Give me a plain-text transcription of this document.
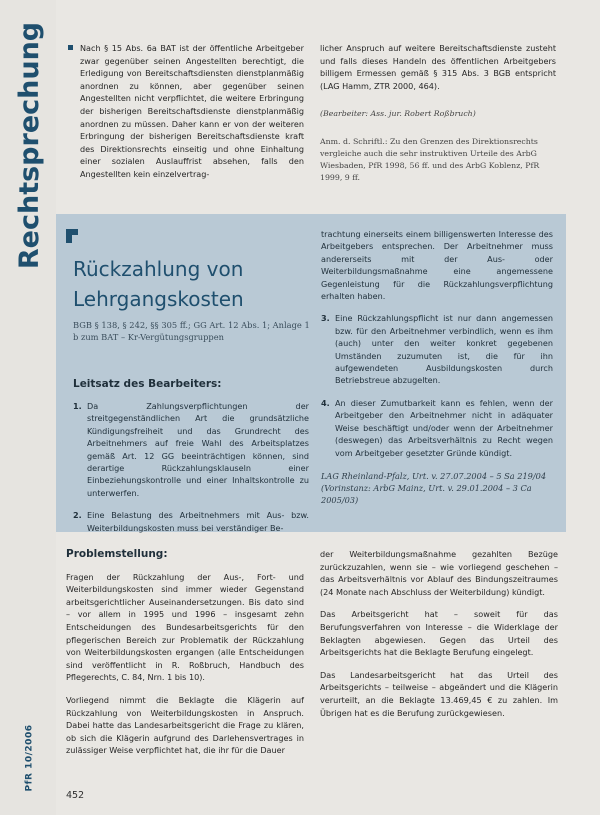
Rechtsprechung
PfR 10/2006
452
Nach § 15 Abs. 6a BAT ist der öffentliche Arbeitgeber zwar gegenüber seinen Angestellten berechtigt, die Erledigung von Bereitschaftsdiensten dienstplanmäßig anordnen zu können, aber gegenüber seinen Angestellten nicht verpflichtet, die weitere Erbringung der bisherigen Bereitschaftsdienste dienstplanmäßig anordnen zu müssen. Daher kann er von der weiteren Erbringung der bisherigen Bereitschaftsdienste kraft des Direktionsrechts einseitig und ohne Einhaltung einer sozialen Auslauffrist absehen, falls den Angestellten kein einzelvertrag-
licher Anspruch auf weitere Bereitschaftsdienste zusteht und falls dieses Handeln des öffentlichen Arbeitgebers billigem Ermessen gemäß § 315 Abs. 3 BGB entspricht (LAG Hamm, ZTR 2000, 464).
(Bearbeiter: Ass. jur. Robert Roßbruch)
Anm. d. Schriftl.: Zu den Grenzen des Direktionsrechts vergleiche auch die sehr instruktiven Urteile des ArbG Wiesbaden, PfR 1998, 56 ff. und des ArbG Koblenz, PfR 1999, 9 ff.
Rückzahlung von Lehrgangskosten
BGB § 138, § 242, §§ 305 ff.; GG Art. 12 Abs. 1; Anlage 1 b zum BAT – Kr-Vergütungsgruppen
Leitsatz des Bearbeiters:
1. Da Zahlungsverpflichtungen der streitgegenständlichen Art die grundsätzliche Kündigungsfreiheit und das Grundrecht des Arbeitnehmers auf freie Wahl des Arbeitsplatzes gemäß Art. 12 GG beeinträchtigen können, sind derartige Rückzahlungsklauseln einer Einbeziehungskontrolle und einer Inhaltskontrolle zu unterwerfen.
2. Eine Belastung des Arbeitnehmers mit Aus- bzw. Weiterbildungskosten muss bei verständiger Be-
trachtung einerseits einem billigenswerten Interesse des Arbeitgebers entsprechen. Der Arbeitnehmer muss andererseits mit der Aus- oder Weiterbildungsmaßnahme eine angemessene Gegenleistung für die Rückzahlungsverpflichtung erhalten haben.
3. Eine Rückzahlungspflicht ist nur dann angemessen bzw. für den Arbeitnehmer verbindlich, wenn es ihm (auch) unter den weiter konkret gegebenen Umständen zuzumuten ist, die für ihn aufgewendeten Ausbildungskosten durch Betriebstreue abzugelten.
4. An dieser Zumutbarkeit kann es fehlen, wenn der Arbeitgeber den Arbeitnehmer nicht in adäquater Weise beschäftigt und/oder wenn der Arbeitnehmer (deswegen) das Arbeitsverhältnis zu Recht wegen vom Arbeitgeber gesetzter Gründe kündigt.
LAG Rheinland-Pfalz, Urt. v. 27.07.2004 – 5 Sa 219/04 (Vorinstanz: ArbG Mainz, Urt. v. 29.01.2004 – 3 Ca 2005/03)
Problemstellung:
Fragen der Rückzahlung der Aus-, Fort- und Weiterbildungskosten sind immer wieder Gegenstand arbeitsgerichtlicher Auseinandersetzungen. Bis dato sind – vor allem in 1995 und 1996 – insgesamt zehn Entscheidungen des Bundesarbeitsgerichts für den pflegerischen Bereich zur Problematik der Rückzahlung von Weiterbildungskosten ergangen (alle Entscheidungen sind veröffentlicht in R. Roßbruch, Handbuch des Pflegerechts, C. 84, Nrn. 1 bis 10).
Vorliegend nimmt die Beklagte die Klägerin auf Rückzahlung von Weiterbildungskosten in Anspruch. Dabei hatte das Landesarbeitsgericht die Frage zu klären, ob sich die Klägerin aufgrund des Darlehensvertrages in zulässiger Weise verpflichtet hat, die ihr für die Dauer
der Weiterbildungsmaßnahme gezahlten Bezüge zurückzuzahlen, wenn sie – wie vorliegend geschehen – das Arbeitsverhältnis vor Ablauf des Bindungszeitraumes (24 Monate nach Abschluss der Weiterbildung) kündigt.
Das Arbeitsgericht hat – soweit für das Berufungsverfahren von Interesse – die Widerklage der Beklagten abgewiesen. Gegen das Urteil des Arbeitsgerichts hat die Beklagte Berufung eingelegt.
Das Landesarbeitsgericht hat das Urteil des Arbeitsgerichts – teilweise – abgeändert und die Klägerin verurteilt, an die Beklagte 13.469,45 € zu zahlen. Im Übrigen hat es die Berufung zurückgewiesen.
